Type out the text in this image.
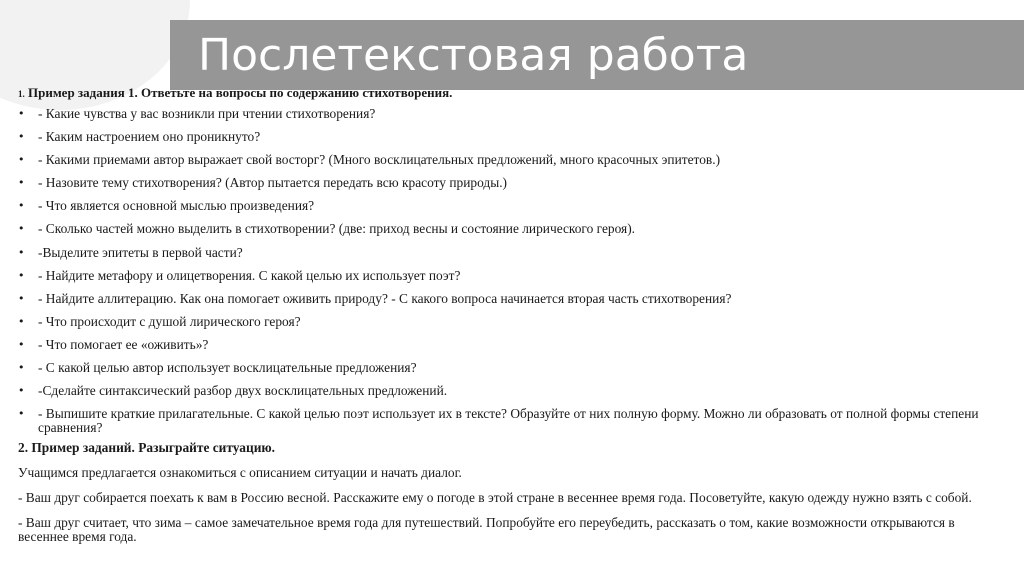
Послетекстовая работа
1. Пример задания 1. Ответьте на вопросы по содержанию стихотворения.
• - Какие чувства у вас возникли при чтении стихотворения?
• - Каким настроением оно проникнуто?
• - Какими приемами автор выражает свой восторг? (Много восклицательных предложений, много красочных эпитетов.)
• - Назовите тему стихотворения? (Автор пытается передать всю красоту природы.)
• - Что является основной мыслью произведения?
• - Сколько частей можно выделить в стихотворении? (две: приход весны и состояние лирического героя).
• -Выделите эпитеты в первой части?
• - Найдите метафору и олицетворения. С какой целью их использует поэт?
• - Найдите аллитерацию. Как она помогает оживить природу? - С какого вопроса начинается вторая часть стихотворения?
• - Что происходит с душой лирического героя?
• - Что помогает ее «оживить»?
• - С какой целью автор использует восклицательные предложения?
• -Сделайте синтаксический разбор двух восклицательных предложений.
• - Выпишите краткие прилагательные. С какой целью поэт использует их в тексте? Образуйте от них полную форму. Можно ли образовать от полной формы степени сравнения?
2. Пример заданий. Разыграйте ситуацию.
Учащимся предлагается ознакомиться с описанием ситуации и начать диалог.
- Ваш друг собирается поехать к вам в Россию весной. Расскажите ему о погоде в этой стране в весеннее время года. Посоветуйте, какую одежду нужно взять с собой.
- Ваш друг считает, что зима – самое замечательное время года для путешествий. Попробуйте его переубедить, рассказать о том, какие возможности открываются в весеннее время года.
